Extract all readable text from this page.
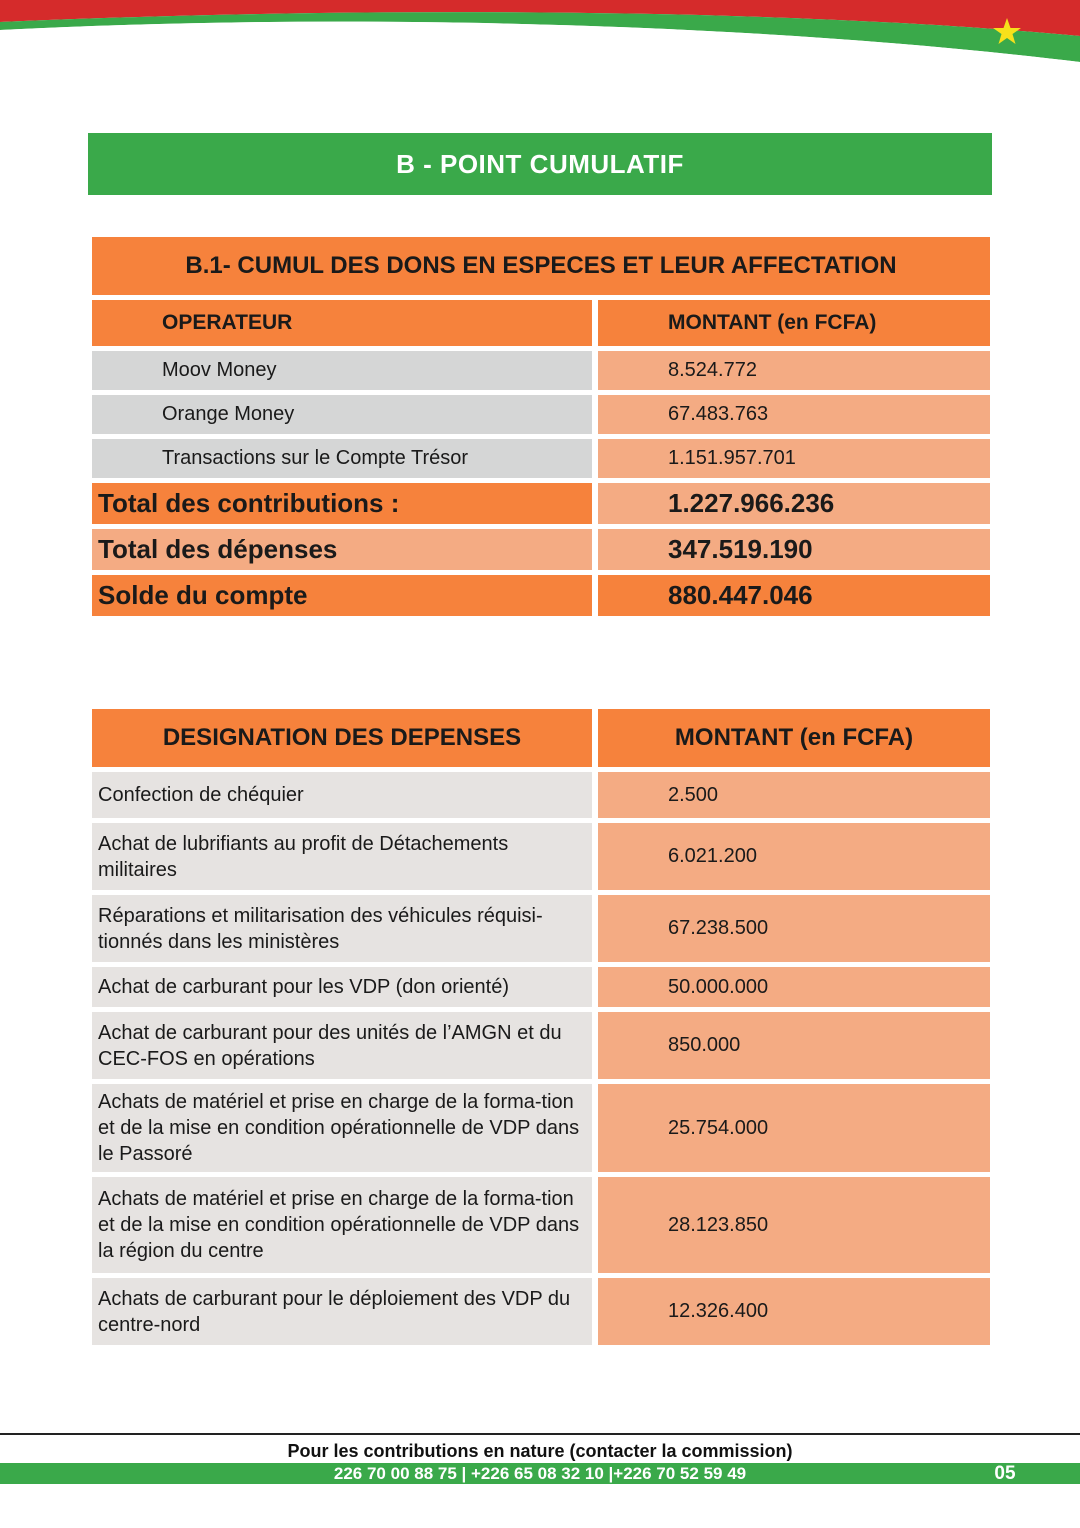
B - POINT CUMULATIF
B.1- CUMUL DES DONS EN ESPECES ET LEUR AFFECTATION	

OPERATEUR	MONTANT (en FCFA)

Moov Money	8.524.772

Orange Money	67.483.763

Transactions sur le Compte Trésor	1.151.957.701

Total des contributions :	1.227.966.236

Total des dépenses	347.519.190

Solde du compte	880.447.046
DESIGNATION DES DEPENSES	MONTANT (en FCFA)
Confection de chéquier	2.500

Achat de lubrifiants au profit de Détachements militaires	6.021.200

Réparations et militarisation des véhicules réquisi-tionnés dans les ministères	67.238.500

Achat de carburant pour les VDP (don orienté)	50.000.000

Achat de carburant pour des unités de l’AMGN et du CEC-FOS en opérations	850.000

Achats de matériel et prise en charge de la forma-tion et de la mise en condition opérationnelle de VDP dans le Passoré	25.754.000

Achats de matériel et prise en charge de la forma-tion et de la mise en condition opérationnelle de VDP dans la région du centre	28.123.850

Achats de carburant pour le déploiement des VDP du centre-nord	12.326.400
Pour les contributions en nature (contacter la commission)
226 70 00 88 75 | +226 65 08 32 10 |+226 70 52 59 49	05
